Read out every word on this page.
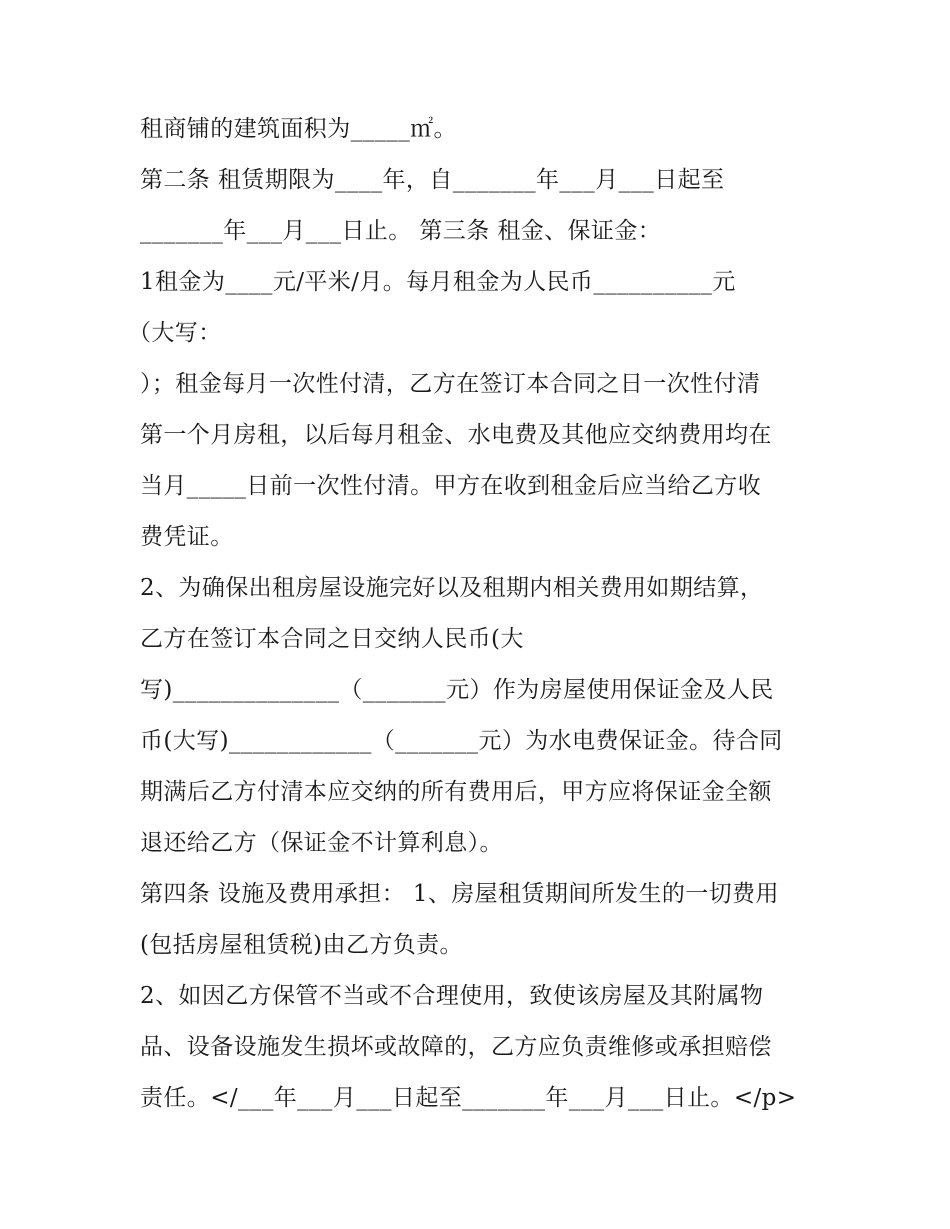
租商铺的建筑面积为_____㎡。
第二条 租赁期限为____年，自_______年___月___日起至
_______年___月___日止。 第三条 租金、保证金：
1租金为____元/平米/月。每月租金为人民币__________元
（大写：
）；租金每月一次性付清，乙方在签订本合同之日一次性付清
第一个月房租，以后每月租金、水电费及其他应交纳费用均在
当月_____日前一次性付清。甲方在收到租金后应当给乙方收
费凭证。
2、为确保出租房屋设施完好以及租期内相关费用如期结算，
乙方在签订本合同之日交纳人民币(大
写)______________（_______元）作为房屋使用保证金及人民
币(大写)____________（_______元）为水电费保证金。待合同
期满后乙方付清本应交纳的所有费用后，甲方应将保证金全额
退还给乙方（保证金不计算利息）。
第四条 设施及费用承担： 1、房屋租赁期间所发生的一切费用
(包括房屋租赁税)由乙方负责。
2、如因乙方保管不当或不合理使用，致使该房屋及其附属物
品、设备设施发生损坏或故障的，乙方应负责维修或承担赔偿
责任。</___年___月___日起至_______年___月___日止。</p>
